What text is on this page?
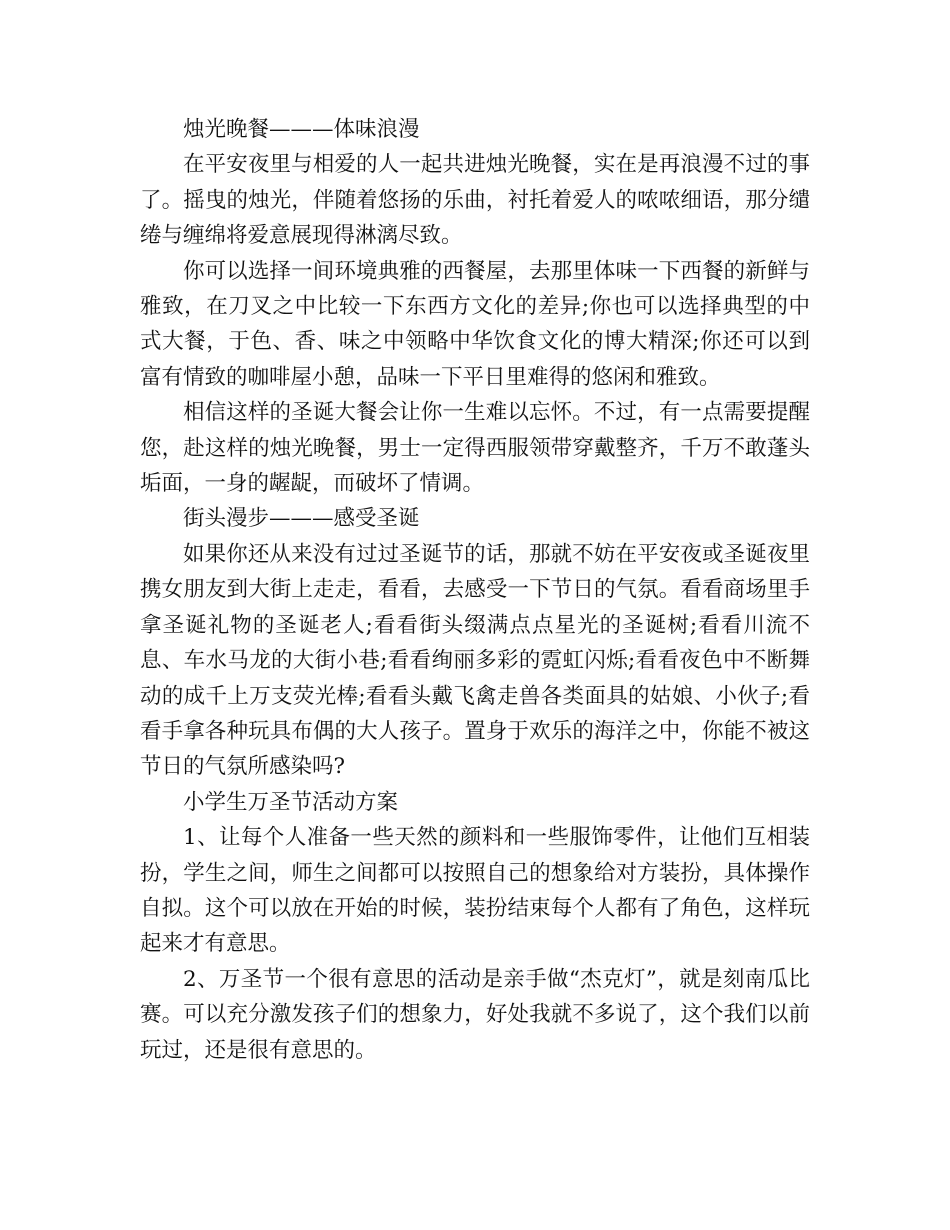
烛光晚餐———体味浪漫

在平安夜里与相爱的人一起共进烛光晚餐，实在是再浪漫不过的事了。摇曳的烛光，伴随着悠扬的乐曲，衬托着爱人的哝哝细语，那分缱绻与缠绵将爱意展现得淋漓尽致。

你可以选择一间环境典雅的西餐屋，去那里体味一下西餐的新鲜与雅致，在刀叉之中比较一下东西方文化的差异;你也可以选择典型的中式大餐，于色、香、味之中领略中华饮食文化的博大精深;你还可以到富有情致的咖啡屋小憩，品味一下平日里难得的悠闲和雅致。

相信这样的圣诞大餐会让你一生难以忘怀。不过，有一点需要提醒您，赴这样的烛光晚餐，男士一定得西服领带穿戴整齐，千万不敢蓬头垢面，一身的龌龊，而破坏了情调。

街头漫步———感受圣诞

如果你还从来没有过过圣诞节的话，那就不妨在平安夜或圣诞夜里携女朋友到大街上走走，看看，去感受一下节日的气氛。看看商场里手拿圣诞礼物的圣诞老人;看看街头缀满点点星光的圣诞树;看看川流不息、车水马龙的大街小巷;看看绚丽多彩的霓虹闪烁;看看夜色中不断舞动的成千上万支荧光棒;看看头戴飞禽走兽各类面具的姑娘、小伙子;看看手拿各种玩具布偶的大人孩子。置身于欢乐的海洋之中，你能不被这节日的气氛所感染吗?

小学生万圣节活动方案

1、让每个人准备一些天然的颜料和一些服饰零件，让他们互相装扮，学生之间，师生之间都可以按照自己的想象给对方装扮，具体操作自拟。这个可以放在开始的时候，装扮结束每个人都有了角色，这样玩起来才有意思。

2、万圣节一个很有意思的活动是亲手做“杰克灯”，就是刻南瓜比赛。可以充分激发孩子们的想象力，好处我就不多说了，这个我们以前玩过，还是很有意思的。
